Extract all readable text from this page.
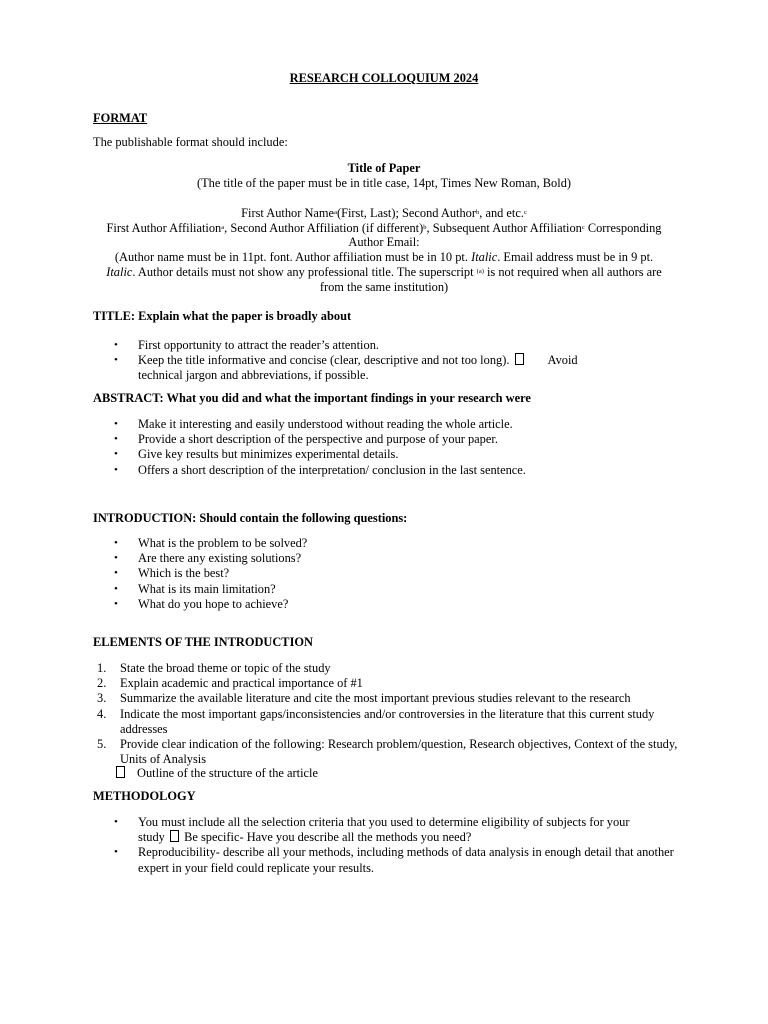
RESEARCH COLLOQUIUM 2024
FORMAT
The publishable format should include:
Title of Paper
(The title of the paper must be in title case, 14pt, Times New Roman, Bold)
First Author Name$^a$(First, Last); Second Author$^b$, and etc.$^c$
First Author Affiliation$^a$, Second Author Affiliation (if different)$^b$, Subsequent Author Affiliation$^c$ Corresponding
Author Email:
(Author name must be in 11pt. font. Author affiliation must be in 10 pt. Italic. Email address must be in 9 pt.
Italic. Author details must not show any professional title. The superscript $^{(a)}$ is not required when all authors are
from the same institution)
TITLE: Explain what the paper is broadly about
• First opportunity to attract the reader’s attention.
• Keep the title informative and concise (clear, descriptive and not too long).	Avoid
technical jargon and abbreviations, if possible.
ABSTRACT: What you did and what the important findings in your research were
• Make it interesting and easily understood without reading the whole article.
• Provide a short description of the perspective and purpose of your paper.
• Give key results but minimizes experimental details.
• Offers a short description of the interpretation/ conclusion in the last sentence.
INTRODUCTION: Should contain the following questions:
• What is the problem to be solved?
• Are there any existing solutions?
• Which is the best?
• What is its main limitation?
• What do you hope to achieve?
ELEMENTS OF THE INTRODUCTION
1. State the broad theme or topic of the study
2. Explain academic and practical importance of #1
3. Summarize the available literature and cite the most important previous studies relevant to the research
4. Indicate the most important gaps/inconsistencies and/or controversies in the literature that this current study addresses
5. Provide clear indication of the following: Research problem/question, Research objectives, Context of the study, Units of Analysis
Outline of the structure of the article
METHODOLOGY
• You must include all the selection criteria that you used to determine eligibility of subjects for your
study Be specific- Have you describe all the methods you need?
• Reproducibility- describe all your methods, including methods of data analysis in enough detail that another expert in your field could replicate your results.
